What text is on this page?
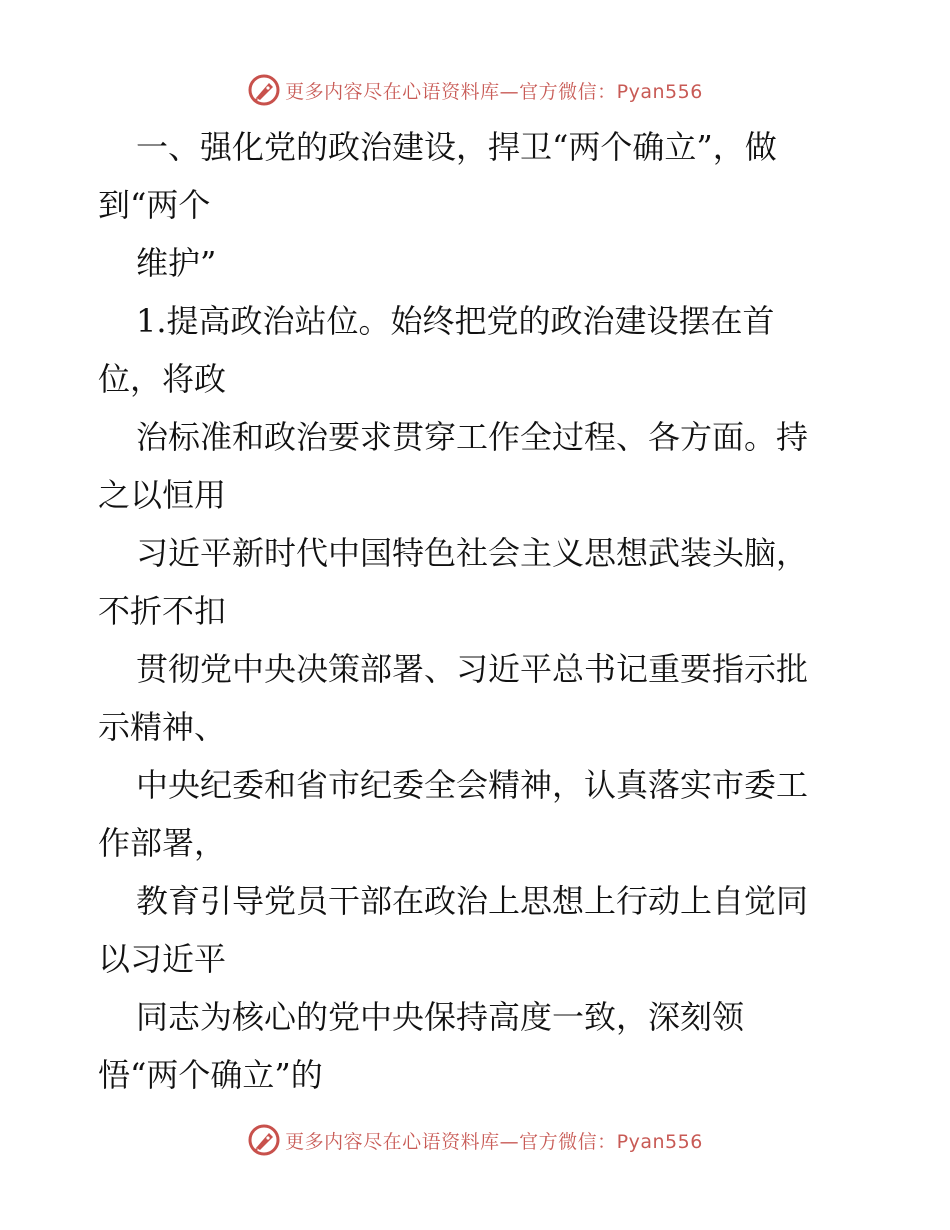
更多内容尽在心语资料库—官方微信：Pyan556
一、强化党的政治建设，捍卫“两个确立”，做
到“两个
维护”
1.提高政治站位。始终把党的政治建设摆在首
位，将政
治标准和政治要求贯穿工作全过程、各方面。持
之以恒用
习近平新时代中国特色社会主义思想武装头脑，
不折不扣
贯彻党中央决策部署、习近平总书记重要指示批
示精神、
中央纪委和省市纪委全会精神，认真落实市委工
作部署，
教育引导党员干部在政治上思想上行动上自觉同
以习近平
同志为核心的党中央保持高度一致，深刻领
悟“两个确立”的
更多内容尽在心语资料库—官方微信：Pyan556
